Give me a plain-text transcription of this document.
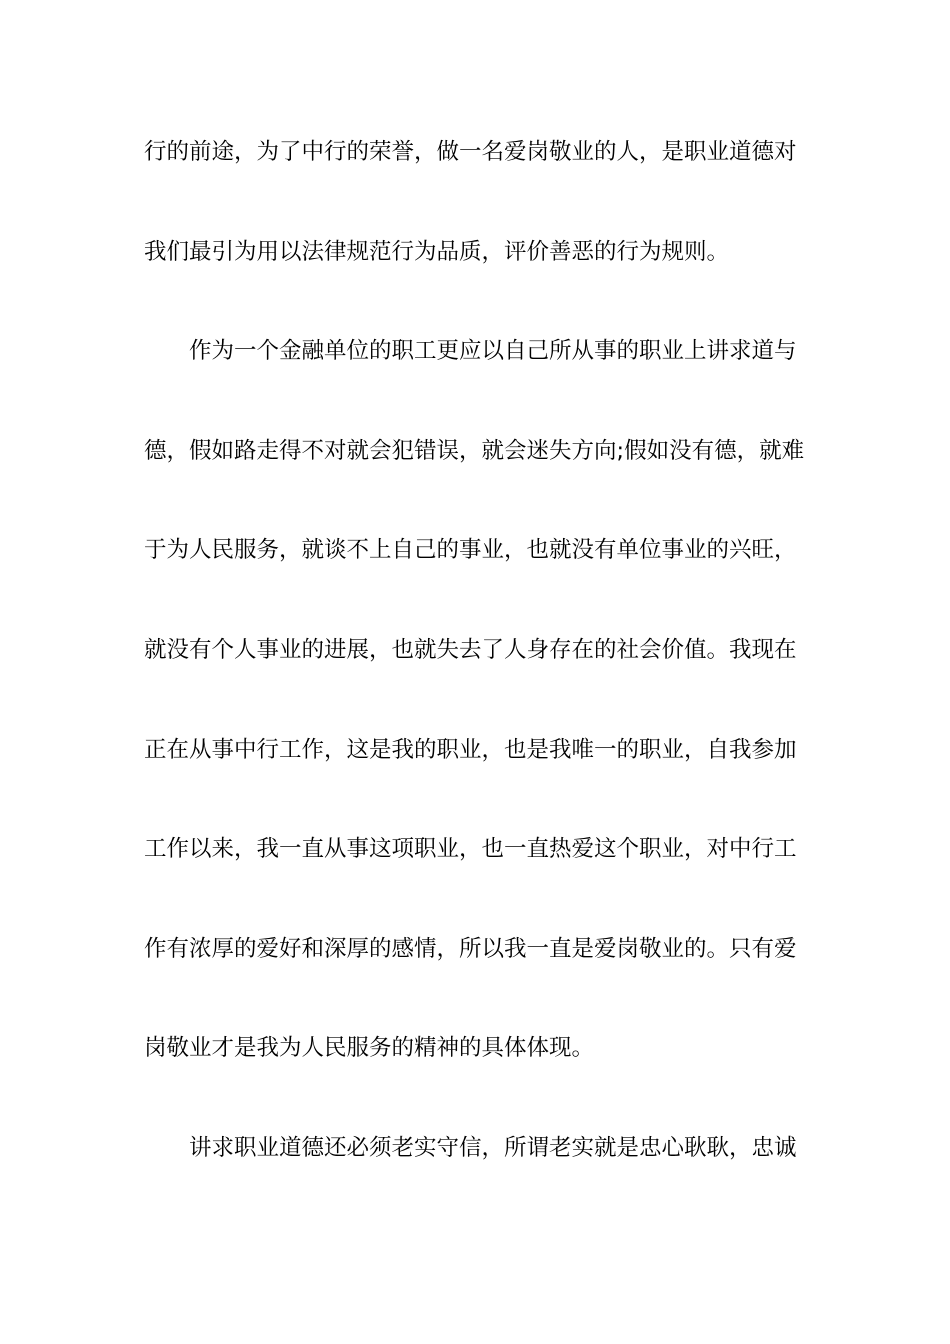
行的前途，为了中行的荣誉，做一名爱岗敬业的人，是职业道德对
我们最引为用以法律规范行为品质，评价善恶的行为规则。
作为一个金融单位的职工更应以自己所从事的职业上讲求道与
德，假如路走得不对就会犯错误，就会迷失方向;假如没有德，就难
于为人民服务，就谈不上自己的事业，也就没有单位事业的兴旺，
就没有个人事业的进展，也就失去了人身存在的社会价值。我现在
正在从事中行工作，这是我的职业，也是我唯一的职业，自我参加
工作以来，我一直从事这项职业，也一直热爱这个职业，对中行工
作有浓厚的爱好和深厚的感情，所以我一直是爱岗敬业的。只有爱
岗敬业才是我为人民服务的精神的具体体现。
讲求职业道德还必须老实守信，所谓老实就是忠心耿耿，忠诚
